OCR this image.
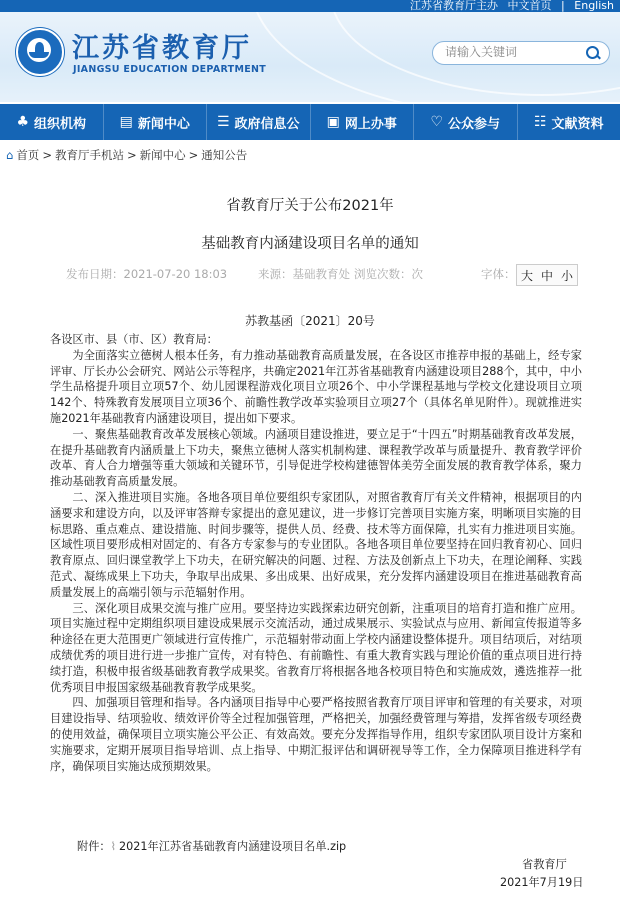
江苏省教育厅主办 中文首页 | English
江苏省教育厅
JIANGSU EDUCATION DEPARTMENT
请输入关键词
♣ 组织机构 ▤ 新闻中心 ☰ 政府信息公 ▣ 网上办事 ♡ 公众参与 ☷ 文献资料
⌂ 首页 > 教育厅手机站 > 新闻中心 > 通知公告
省教育厅关于公布2021年
基础教育内涵建设项目名单的通知
发布日期：2021-07-20 18:03	来源：基础教育处 浏览次数：次	字体： 大 中 小
苏教基函〔2021〕20号

各设区市、县（市、区）教育局：

为全面落实立德树人根本任务，有力推动基础教育高质量发展，在各设区市推荐申报的基础上，经专家评审、厅长办公会研究、网站公示等程序，共确定2021年江苏省基础教育内涵建设项目288个，其中，中小学生品格提升项目立项57个、幼儿园课程游戏化项目立项26个、中小学课程基地与学校文化建设项目立项142个、特殊教育发展项目立项36个、前瞻性教学改革实验项目立项27个（具体名单见附件）。现就推进实施2021年基础教育内涵建设项目，提出如下要求。

一、聚焦基础教育改革发展核心领域。内涵项目建设推进，要立足于“十四五”时期基础教育改革发展，在提升基础教育内涵质量上下功夫，聚焦立德树人落实机制构建、课程教学改革与质量提升、教育教学评价改革、育人合力增强等重大领域和关键环节，引导促进学校构建德智体美劳全面发展的教育教学体系，聚力推动基础教育高质量发展。

二、深入推进项目实施。各地各项目单位要组织专家团队，对照省教育厅有关文件精神，根据项目的内涵要求和建设方向，以及评审答辩专家提出的意见建议，进一步修订完善项目实施方案，明晰项目实施的目标思路、重点难点、建设措施、时间步骤等，提供人员、经费、技术等方面保障，扎实有力推进项目实施。区域性项目要形成相对固定的、有各方专家参与的专业团队。各地各项目单位要坚持在回归教育初心、回归教育原点、回归课堂教学上下功夫，在研究解决的问题、过程、方法及创新点上下功夫，在理论阐释、实践范式、凝练成果上下功夫，争取早出成果、多出成果、出好成果，充分发挥内涵建设项目在推进基础教育高质量发展上的高端引领与示范辐射作用。

三、深化项目成果交流与推广应用。要坚持边实践探索边研究创新，注重项目的培育打造和推广应用。项目实施过程中定期组织项目建设成果展示交流活动，通过成果展示、实验试点与应用、新闻宣传报道等多种途径在更大范围更广领域进行宣传推广，示范辐射带动面上学校内涵建设整体提升。项目结项后，对结项成绩优秀的项目进行进一步推广宣传，对有特色、有前瞻性、有重大教育实践与理论价值的重点项目进行持续打造，积极申报省级基础教育教学成果奖。省教育厅将根据各地各校项目特色和实施成效，遴选推荐一批优秀项目申报国家级基础教育教学成果奖。

四、加强项目管理和指导。各内涵项目指导中心要严格按照省教育厅项目评审和管理的有关要求，对项目建设指导、结项验收、绩效评价等全过程加强管理，严格把关，加强经费管理与筹措，发挥省级专项经费的使用效益，确保项目立项实施公平公正、有效高效。要充分发挥指导作用，组织专家团队项目设计方案和实施要求，定期开展项目指导培训、点上指导、中期汇报评估和调研视导等工作，全力保障项目推进科学有序，确保项目实施达成预期效果。

附件：⌇ 2021年江苏省基础教育内涵建设项目名单.zip
省教育厅
2021年7月19日
